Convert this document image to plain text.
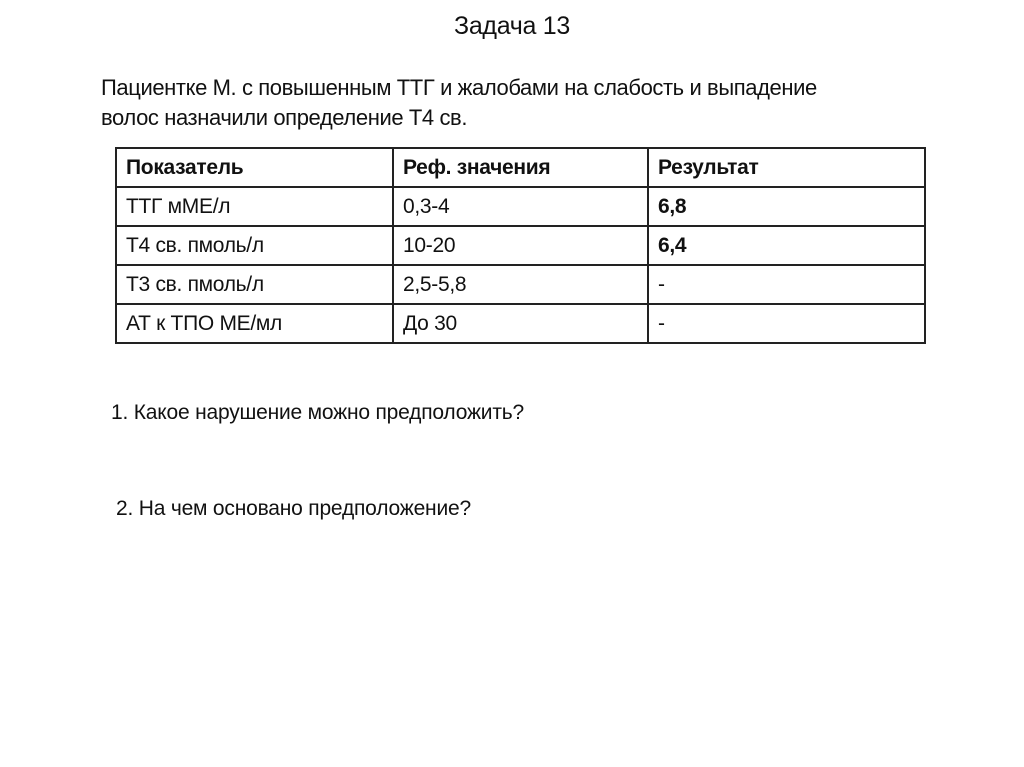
Задача 13
Пациентке М. с повышенным ТТГ и жалобами на слабость и выпадение
волос назначили определение Т4 св.
Показатель	Реф. значения	Результат
ТТГ мМЕ/л	0,3-4	6,8
Т4 св. пмоль/л	10-20	6,4
Т3 св. пмоль/л	2,5-5,8	-
АТ к ТПО МЕ/мл	До 30	-
1. Какое нарушение можно предположить?
2. На чем основано предположение?
